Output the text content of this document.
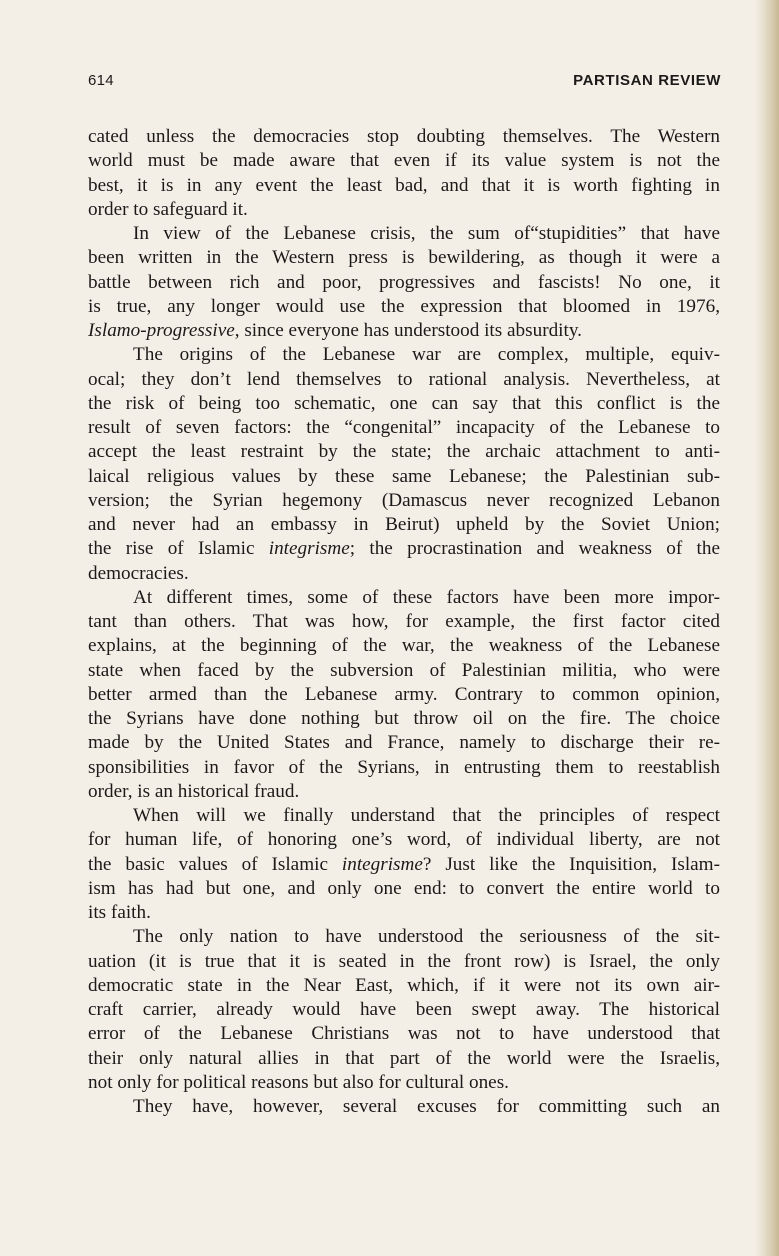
614	PARTISAN REVIEW
cated unless the democracies stop doubting themselves. The Western
world must be made aware that even if its value system is not the
best, it is in any event the least bad, and that it is worth fighting in
order to safeguard it.
In view of the Lebanese crisis, the sum of“stupidities” that have
been written in the Western press is bewildering, as though it were a
battle between rich and poor, progressives and fascists! No one, it
is true, any longer would use the expression that bloomed in 1976,
Islamo-progressive, since everyone has understood its absurdity.
The origins of the Lebanese war are complex, multiple, equiv-
ocal; they don’t lend themselves to rational analysis. Nevertheless, at
the risk of being too schematic, one can say that this conflict is the
result of seven factors: the “congenital” incapacity of the Lebanese to
accept the least restraint by the state; the archaic attachment to anti-
laical religious values by these same Lebanese; the Palestinian sub-
version; the Syrian hegemony (Damascus never recognized Lebanon
and never had an embassy in Beirut) upheld by the Soviet Union;
the rise of Islamic integrisme; the procrastination and weakness of the
democracies.
At different times, some of these factors have been more impor-
tant than others. That was how, for example, the first factor cited
explains, at the beginning of the war, the weakness of the Lebanese
state when faced by the subversion of Palestinian militia, who were
better armed than the Lebanese army. Contrary to common opinion,
the Syrians have done nothing but throw oil on the fire. The choice
made by the United States and France, namely to discharge their re-
sponsibilities in favor of the Syrians, in entrusting them to reestablish
order, is an historical fraud.
When will we finally understand that the principles of respect
for human life, of honoring one’s word, of individual liberty, are not
the basic values of Islamic integrisme? Just like the Inquisition, Islam-
ism has had but one, and only one end: to convert the entire world to
its faith.
The only nation to have understood the seriousness of the sit-
uation (it is true that it is seated in the front row) is Israel, the only
democratic state in the Near East, which, if it were not its own air-
craft carrier, already would have been swept away. The historical
error of the Lebanese Christians was not to have understood that
their only natural allies in that part of the world were the Israelis,
not only for political reasons but also for cultural ones.
They have, however, several excuses for committing such an
